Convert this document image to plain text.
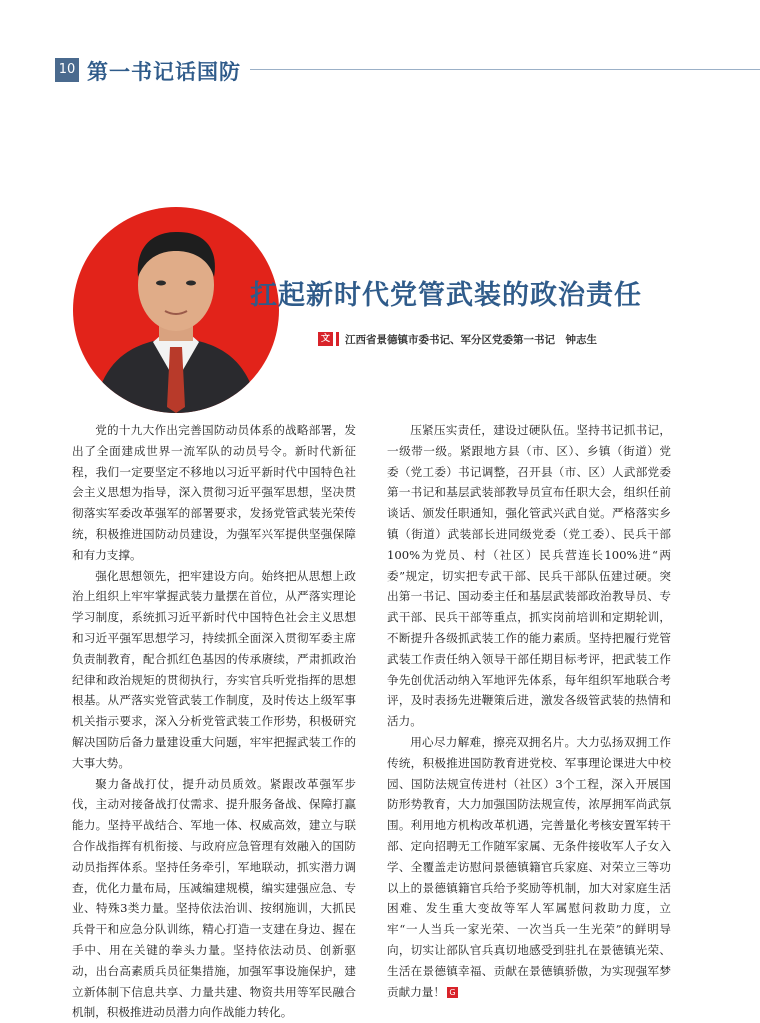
10 第一书记话国防
扛起新时代党管武装的政治责任
文 江西省景德镇市委书记、军分区党委第一书记　钟志生

党的十九大作出完善国防动员体系的战略部署，发出了全面建成世界一流军队的动员号令。新时代新征程，我们一定要坚定不移地以习近平新时代中国特色社会主义思想为指导，深入贯彻习近平强军思想，坚决贯彻落实军委改革强军的部署要求，发扬党管武装光荣传统，积极推进国防动员建设，为强军兴军提供坚强保障和有力支撑。

强化思想领先，把牢建设方向。始终把从思想上政治上组织上牢牢掌握武装力量摆在首位，从严落实理论学习制度，系统抓习近平新时代中国特色社会主义思想和习近平强军思想学习，持续抓全面深入贯彻军委主席负责制教育，配合抓红色基因的传承赓续，严肃抓政治纪律和政治规矩的贯彻执行，夯实官兵听党指挥的思想根基。从严落实党管武装工作制度，及时传达上级军事机关指示要求，深入分析党管武装工作形势，积极研究解决国防后备力量建设重大问题，牢牢把握武装工作的大事大势。

聚力备战打仗，提升动员质效。紧跟改革强军步伐，主动对接备战打仗需求、提升服务备战、保障打赢能力。坚持平战结合、军地一体、权威高效，建立与联合作战指挥有机衔接、与政府应急管理有效融入的国防动员指挥体系。坚持任务牵引，军地联动，抓实潜力调查，优化力量布局，压减编建规模，编实建强应急、专业、特殊3类力量。坚持依法治训、按纲施训，大抓民兵骨干和应急分队训练，精心打造一支建在身边、握在手中、用在关键的拳头力量。坚持依法动员、创新驱动，出台高素质兵员征集措施，加强军事设施保护，建立新体制下信息共享、力量共建、物资共用等军民融合机制，积极推进动员潜力向作战能力转化。

压紧压实责任，建设过硬队伍。坚持书记抓书记，一级带一级。紧跟地方县（市、区）、乡镇（街道）党委（党工委）书记调整，召开县（市、区）人武部党委第一书记和基层武装部教导员宣布任职大会，组织任前谈话、颁发任职通知，强化管武兴武自觉。严格落实乡镇（街道）武装部长进同级党委（党工委）、民兵干部100%为党员、村（社区）民兵营连长100%进“两委”规定，切实把专武干部、民兵干部队伍建过硬。突出第一书记、国动委主任和基层武装部政治教导员、专武干部、民兵干部等重点，抓实岗前培训和定期轮训，不断提升各级抓武装工作的能力素质。坚持把履行党管武装工作责任纳入领导干部任期目标考评，把武装工作争先创优活动纳入军地评先体系，每年组织军地联合考评，及时表扬先进鞭策后进，激发各级管武装的热情和活力。

用心尽力解难，擦亮双拥名片。大力弘扬双拥工作传统，积极推进国防教育进党校、军事理论课进大中校园、国防法规宣传进村（社区）3个工程，深入开展国防形势教育，大力加强国防法规宣传，浓厚拥军尚武氛围。利用地方机构改革机遇，完善量化考核安置军转干部、定向招聘无工作随军家属、无条件接收军人子女入学、全覆盖走访慰问景德镇籍官兵家庭、对荣立三等功以上的景德镇籍官兵给予奖励等机制，加大对家庭生活困难、发生重大变故等军人军属慰问救助力度，立牢“一人当兵一家光荣、一次当兵一生光荣”的鲜明导向，切实让部队官兵真切地感受到驻扎在景德镇光荣、生活在景德镇幸福、贡献在景德镇骄傲，为实现强军梦贡献力量！ G
